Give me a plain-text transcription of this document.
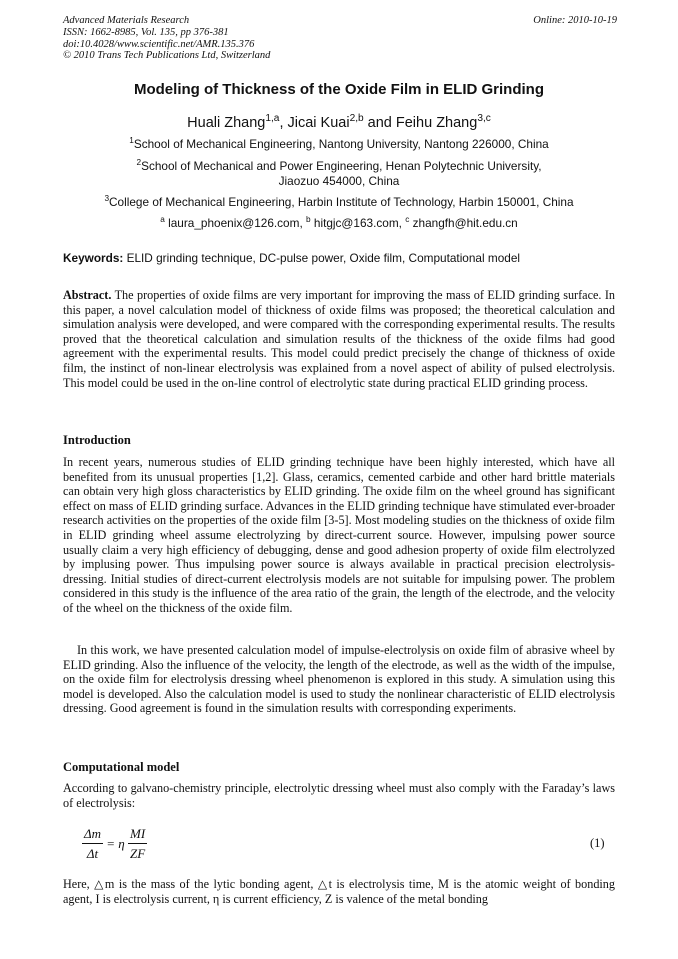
Advanced Materials Research
ISSN: 1662-8985, Vol. 135, pp 376-381
doi:10.4028/www.scientific.net/AMR.135.376
© 2010 Trans Tech Publications Ltd, Switzerland
Online: 2010-10-19
Modeling of Thickness of the Oxide Film in ELID Grinding
Huali Zhang$^{1,a}$, Jicai Kuai$^{2,b}$ and Feihu Zhang$^{3,c}$
$^1$School of Mechanical Engineering, Nantong University, Nantong 226000, China
$^2$School of Mechanical and Power Engineering, Henan Polytechnic University,
Jiaozuo 454000, China
$^3$College of Mechanical Engineering, Harbin Institute of Technology, Harbin 150001, China
$^a$ laura_phoenix@126.com, $^b$ hitgjc@163.com, $^c$ zhangfh@hit.edu.cn
Keywords: ELID grinding technique, DC-pulse power, Oxide film, Computational model
Abstract. The properties of oxide films are very important for improving the mass of ELID grinding surface. In this paper, a novel calculation model of thickness of oxide films was proposed; the theoretical calculation and simulation analysis were developed, and were compared with the corresponding experimental results. The results proved that the theoretical calculation and simulation results of the thickness of the oxide films had good agreement with the experimental results. This model could predict precisely the change of thickness of oxide film, the instinct of non-linear electrolysis was explained from a novel aspect of ability of pulsed electrolysis. This model could be used in the on-line control of electrolytic state during practical ELID grinding process.
Introduction
In recent years, numerous studies of ELID grinding technique have been highly interested, which have all benefited from its unusual properties [1,2]. Glass, ceramics, cemented carbide and other hard brittle materials can obtain very high gloss characteristics by ELID grinding. The oxide film on the wheel ground has significant effect on mass of ELID grinding surface. Advances in the ELID grinding technique have stimulated ever-broader research activities on the properties of the oxide film [3-5]. Most modeling studies on the thickness of oxide film in ELID grinding wheel assume electrolyzing by direct-current source. However, impulsing power source usually claim a very high efficiency of debugging, dense and good adhesion property of oxide film electrolyzed by implusing power. Thus impulsing power source is always available in practical precision electrolysis-dressing. Initial studies of direct-current electrolysis models are not suitable for impulsing power. The problem considered in this study is the influence of the area ratio of the grain, the length of the electrode, and the velocity of the wheel on the thickness of the oxide film.
In this work, we have presented calculation model of impulse-electrolysis on oxide film of abrasive wheel by ELID grinding. Also the influence of the velocity, the length of the electrode, as well as the width of the impulse, on the oxide film for electrolysis dressing wheel phenomenon is explored in this study. A simulation using this model is developed. Also the calculation model is used to study the nonlinear characteristic of ELID electrolysis dressing. Good agreement is found in the simulation results with corresponding experiments.
Computational model
According to galvano-chemistry principle, electrolytic dressing wheel must also comply with the Faraday’s laws of electrolysis:
$\frac{\Delta m}{\Delta t} = \eta \frac{MI}{ZF}$	(1)
Here, △m is the mass of the lytic bonding agent, △t is electrolysis time, M is the atomic weight of bonding agent, I is electrolysis current, η is current efficiency, Z is valence of the metal bonding
